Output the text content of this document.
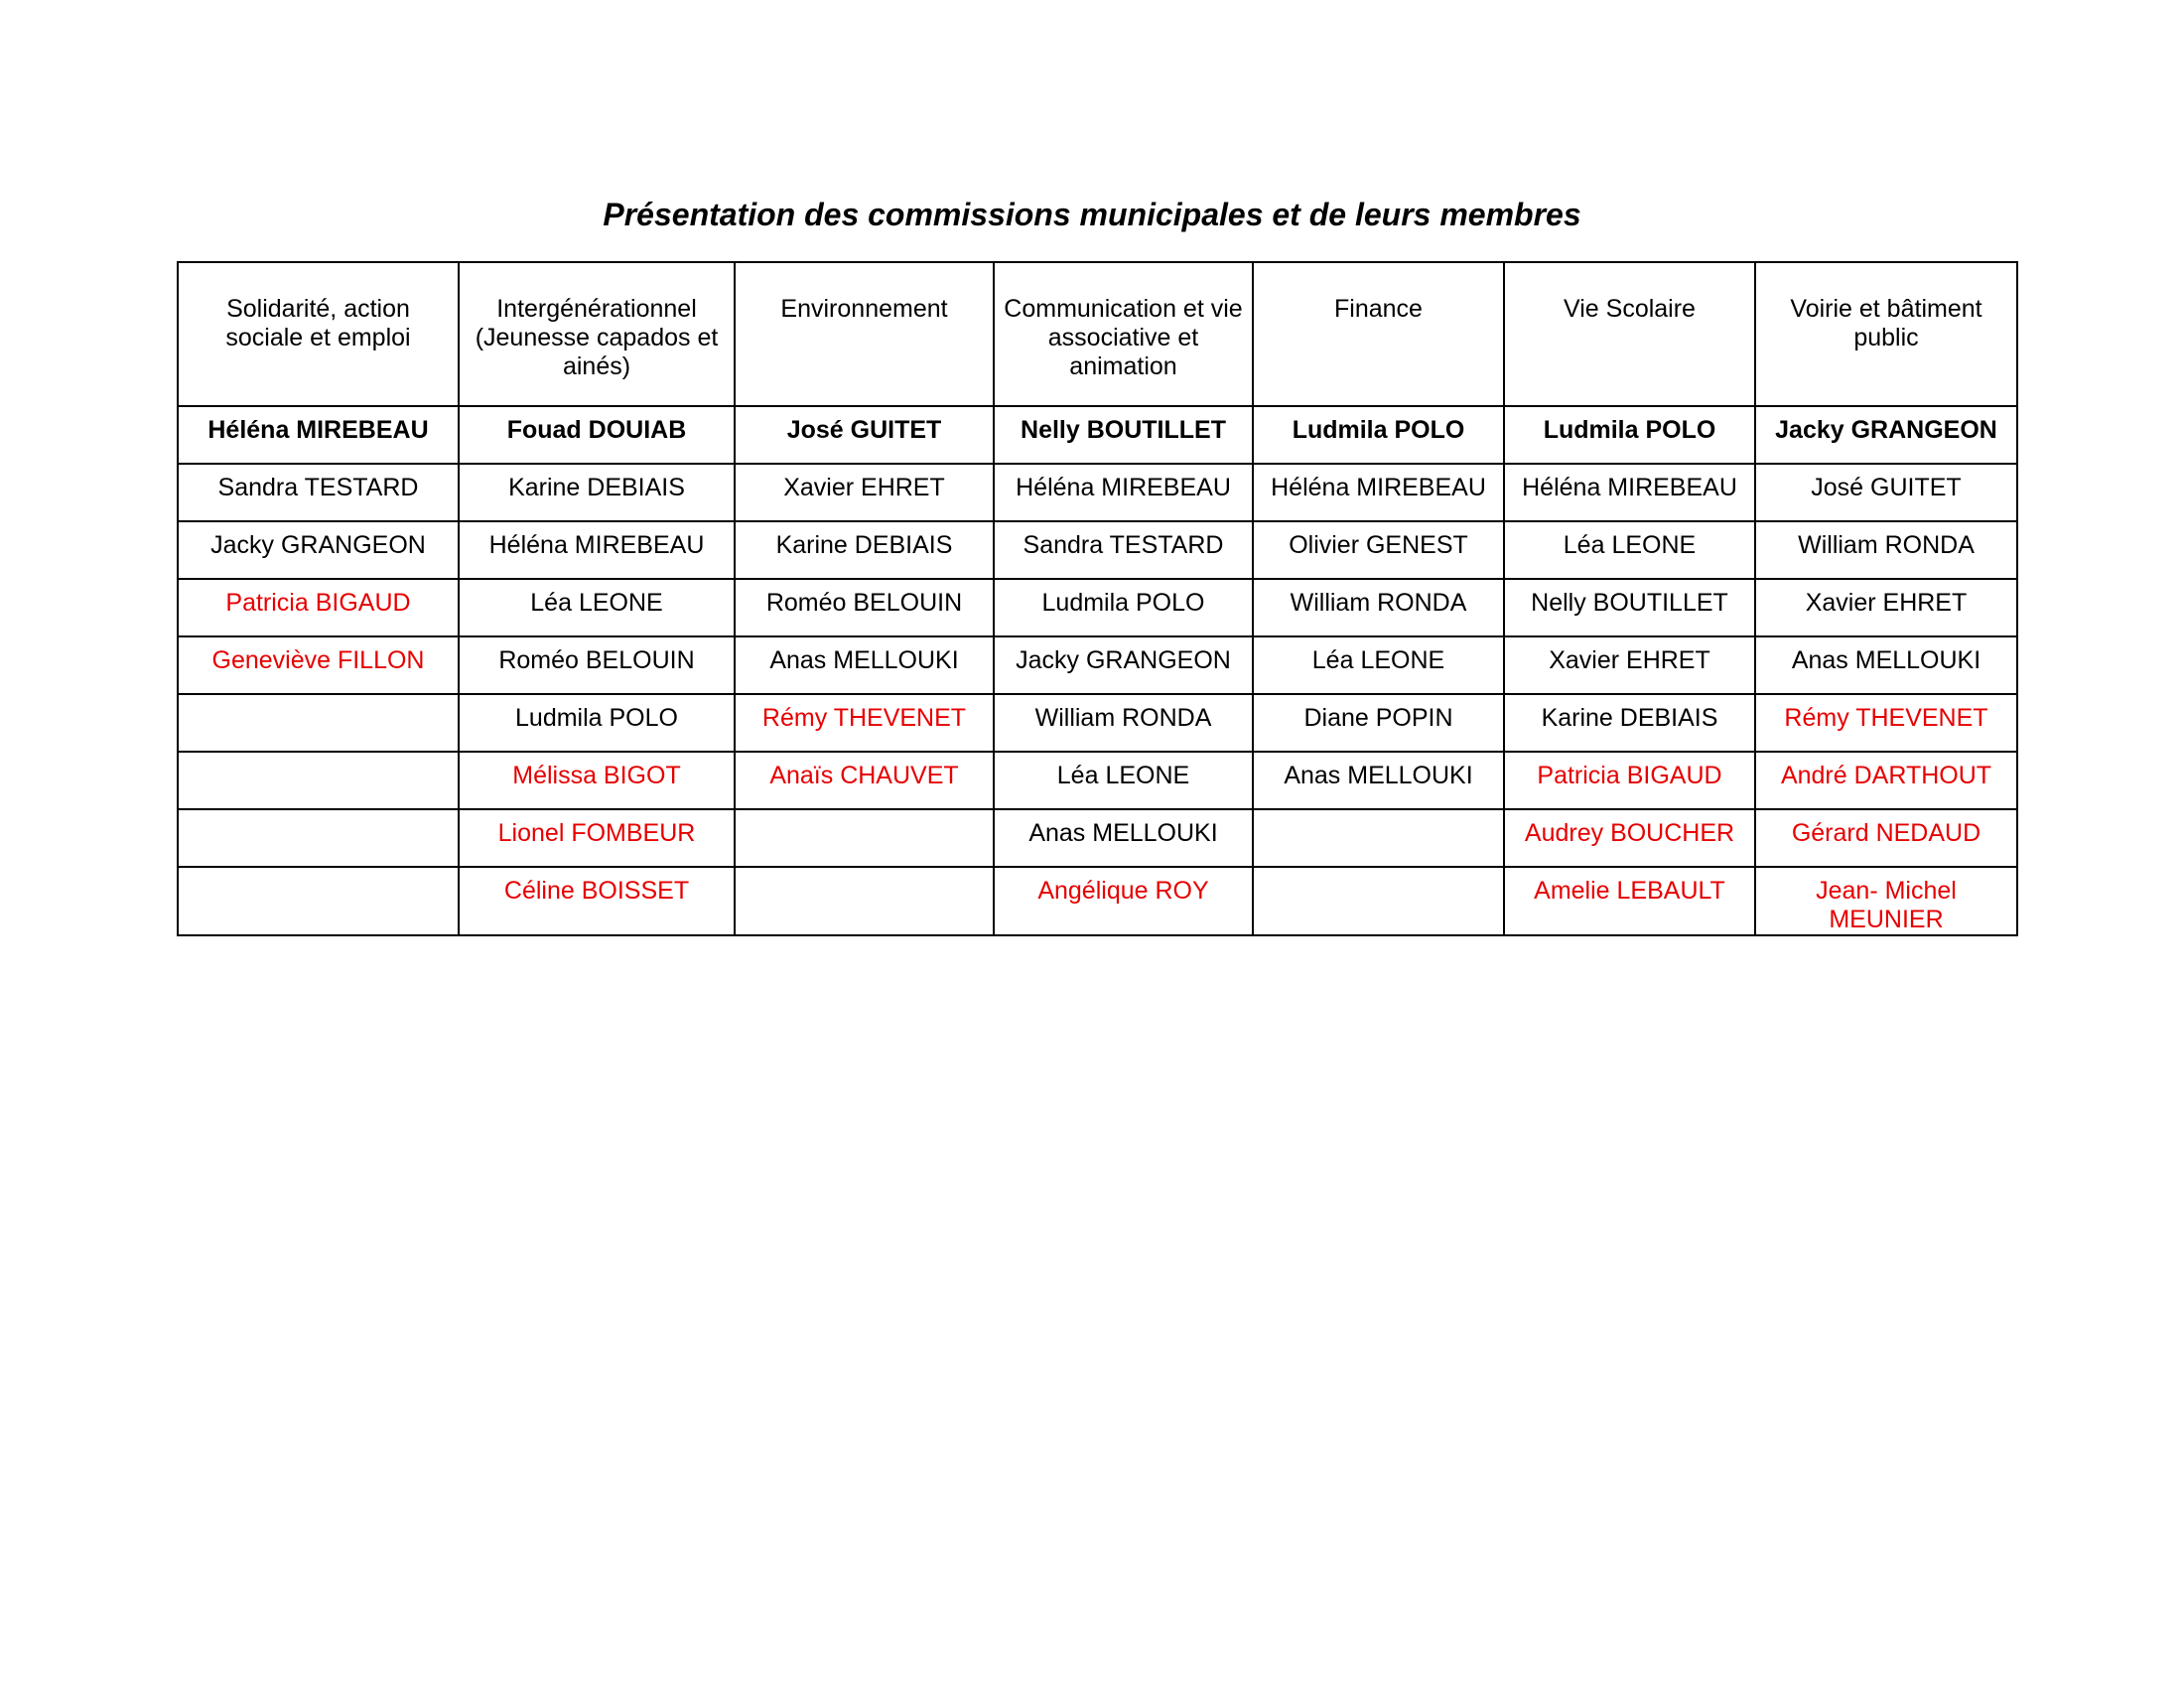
Présentation des commissions municipales et de leurs membres
Solidarité, action sociale et emploi	Intergénérationnel (Jeunesse capados et ainés)	Environnement	Communication et vie associative et animation	Finance	Vie Scolaire	Voirie et bâtiment public
Héléna MIREBEAU	Fouad DOUIAB	José GUITET	Nelly BOUTILLET	Ludmila POLO	Ludmila POLO	Jacky GRANGEON
Sandra TESTARD	Karine DEBIAIS	Xavier EHRET	Héléna MIREBEAU	Héléna MIREBEAU	Héléna MIREBEAU	José GUITET
Jacky GRANGEON	Héléna MIREBEAU	Karine DEBIAIS	Sandra TESTARD	Olivier GENEST	Léa LEONE	William RONDA
Patricia BIGAUD	Léa LEONE	Roméo BELOUIN	Ludmila POLO	William RONDA	Nelly BOUTILLET	Xavier EHRET
Geneviève FILLON	Roméo BELOUIN	Anas MELLOUKI	Jacky GRANGEON	Léa LEONE	Xavier EHRET	Anas MELLOUKI
	Ludmila POLO	Rémy THEVENET	William RONDA	Diane POPIN	Karine DEBIAIS	Rémy THEVENET
	Mélissa BIGOT	Anaïs CHAUVET	Léa LEONE	Anas MELLOUKI	Patricia BIGAUD	André DARTHOUT
	Lionel FOMBEUR		Anas MELLOUKI		Audrey BOUCHER	Gérard NEDAUD
	Céline BOISSET		Angélique ROY		Amelie LEBAULT	Jean- Michel MEUNIER
